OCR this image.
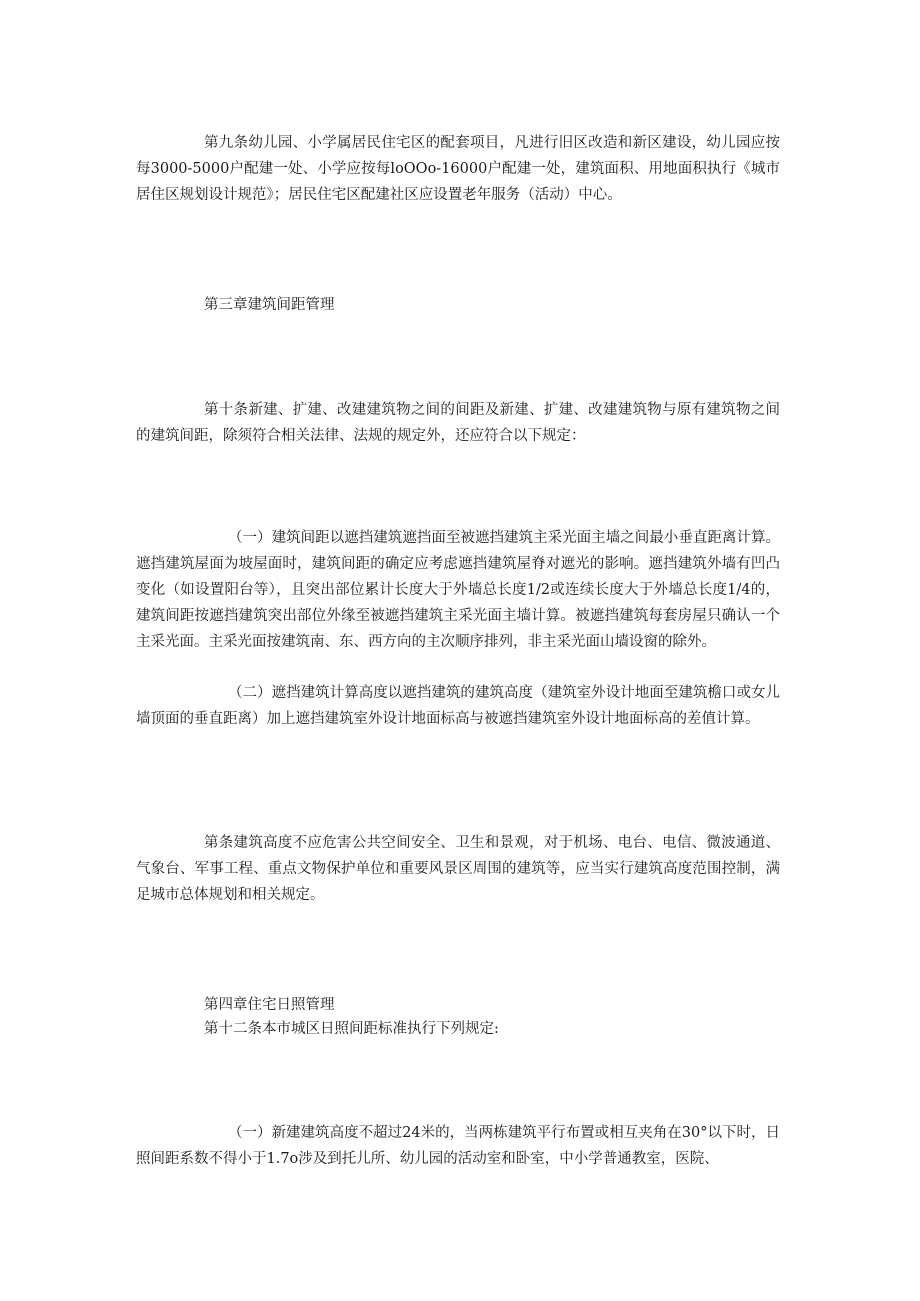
第九条幼儿园、小学属居民住宅区的配套项目，凡进行旧区改造和新区建设，幼儿园应按每3000-5000户配建一处、小学应按每loOOo-16000户配建一处，建筑面积、用地面积执行《城市居住区规划设计规范》；居民住宅区配建社区应设置老年服务（活动）中心。

第三章建筑间距管理

第十条新建、扩建、改建建筑物之间的间距及新建、扩建、改建建筑物与原有建筑物之间的建筑间距，除须符合相关法律、法规的规定外，还应符合以下规定：

（一）建筑间距以遮挡建筑遮挡面至被遮挡建筑主采光面主墙之间最小垂直距离计算。遮挡建筑屋面为坡屋面时，建筑间距的确定应考虑遮挡建筑屋脊对遮光的影响。遮挡建筑外墙有凹凸变化（如设置阳台等），且突出部位累计长度大于外墙总长度1/2或连续长度大于外墙总长度1/4的，建筑间距按遮挡建筑突出部位外缘至被遮挡建筑主采光面主墙计算。被遮挡建筑每套房屋只确认一个主采光面。主采光面按建筑南、东、西方向的主次顺序排列，非主采光面山墙设窗的除外。

（二）遮挡建筑计算高度以遮挡建筑的建筑高度（建筑室外设计地面至建筑檐口或女儿墙顶面的垂直距离）加上遮挡建筑室外设计地面标高与被遮挡建筑室外设计地面标高的差值计算。

第条建筑高度不应危害公共空间安全、卫生和景观，对于机场、电台、电信、微波通道、气象台、军事工程、重点文物保护单位和重要风景区周围的建筑等，应当实行建筑高度范围控制，满足城市总体规划和相关规定。

第四章住宅日照管理

第十二条本市城区日照间距标准执行下列规定:

（一）新建建筑高度不超过24米的，当两栋建筑平行布置或相互夹角在30°以下时，日照间距系数不得小于1.7o涉及到托儿所、幼儿园的活动室和卧室，中小学普通教室，医院、
